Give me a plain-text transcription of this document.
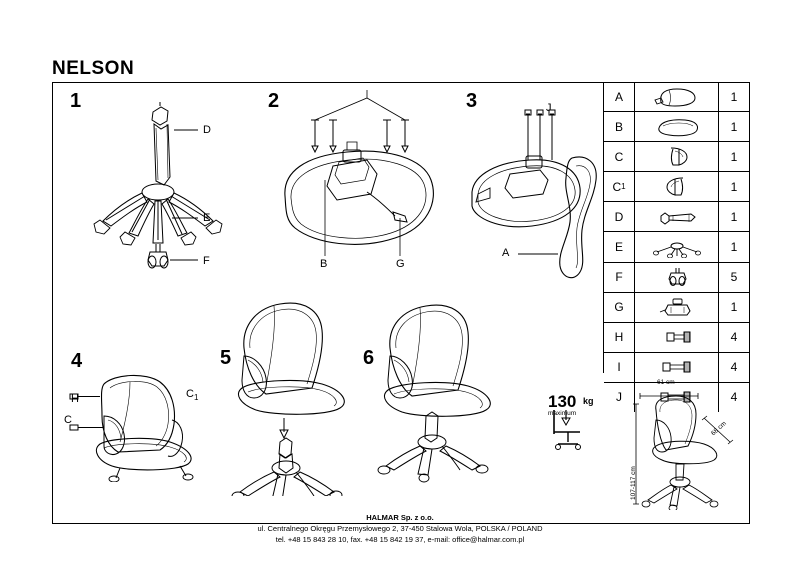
NELSON
1
D
E
F
2
B	G
3	J
A
4
H
C
$C_1$
5	6
130 kg
maximum
61 cm
107-117 cm
68 cm
A	1
B	1
C	1
C 1	1
D	1
E	1
F	5
G	1
H	4
I	4
J	4
HALMAR Sp. z o.o.
ul. Centralnego Okręgu Przemysłowego 2, 37-450 Stalowa Wola, POLSKA / POLAND
tel. +48 15 843 28 10, fax. +48 15 842 19 37, e-mail: office@halmar.com.pl
